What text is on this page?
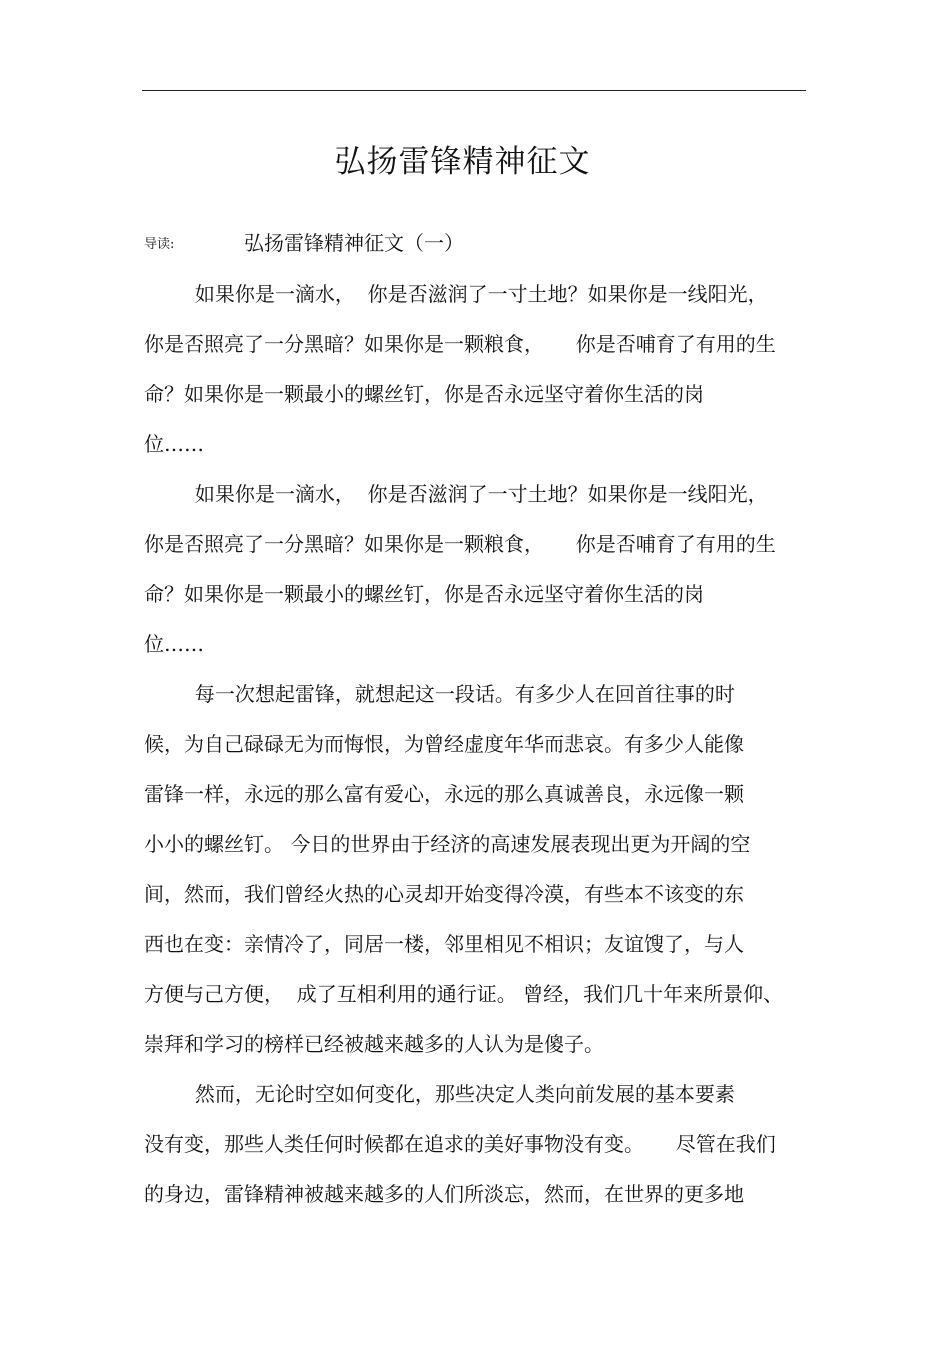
弘扬雷锋精神征文
导读:	弘扬雷锋精神征文（一）
如果你是一滴水，  你是否滋润了一寸土地？如果你是一线阳光，
你是否照亮了一分黑暗？如果你是一颗粮食，     你是否哺育了有用的生
命？如果你是一颗最小的螺丝钉，你是否永远坚守着你生活的岗
位……
如果你是一滴水，  你是否滋润了一寸土地？如果你是一线阳光，
你是否照亮了一分黑暗？如果你是一颗粮食，     你是否哺育了有用的生
命？如果你是一颗最小的螺丝钉，你是否永远坚守着你生活的岗
位……
每一次想起雷锋，就想起这一段话。有多少人在回首往事的时
候，为自己碌碌无为而悔恨，为曾经虚度年华而悲哀。有多少人能像
雷锋一样，永远的那么富有爱心，永远的那么真诚善良，永远像一颗
小小的螺丝钉。 今日的世界由于经济的高速发展表现出更为开阔的空
间，然而，我们曾经火热的心灵却开始变得冷漠，有些本不该变的东
西也在变：亲情冷了，同居一楼，邻里相见不相识；友谊馊了，与人
方便与己方便，  成了互相利用的通行证。 曾经，我们几十年来所景仰、
崇拜和学习的榜样已经被越来越多的人认为是傻子。
然而，无论时空如何变化，那些决定人类向前发展的基本要素
没有变，那些人类任何时候都在追求的美好事物没有变。     尽管在我们
的身边，雷锋精神被越来越多的人们所淡忘，然而，在世界的更多地
